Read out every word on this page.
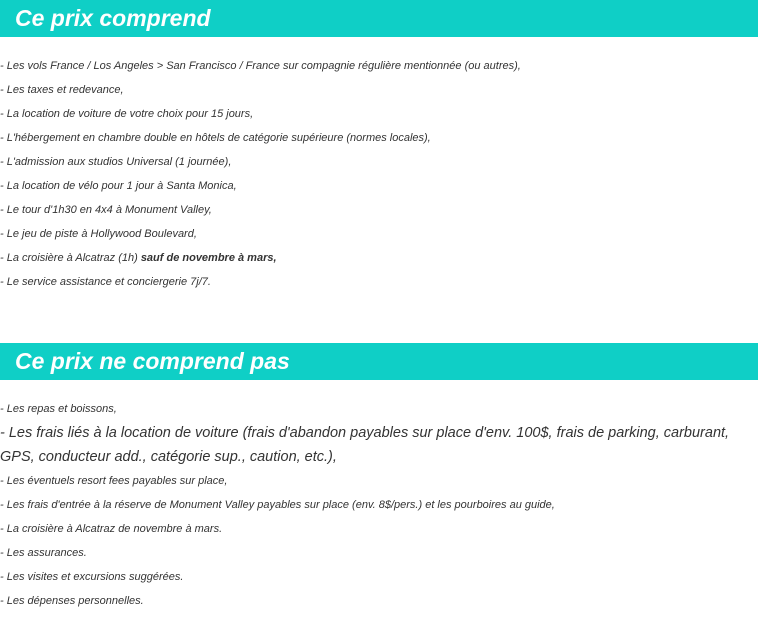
Ce prix comprend
- Les vols France / Los Angeles > San Francisco / France sur compagnie régulière mentionnée (ou autres),
- Les taxes et redevance,
- La location de voiture de votre choix pour 15 jours,
- L'hébergement en chambre double en hôtels de catégorie supérieure (normes locales),
- L'admission aux studios Universal (1 journée),
- La location de vélo pour 1 jour à Santa Monica,
- Le tour d'1h30 en 4x4 à Monument Valley,
- Le jeu de piste à Hollywood Boulevard,
- La croisière à Alcatraz (1h) sauf de novembre à mars,
- Le service assistance et conciergerie 7j/7.
Ce prix ne comprend pas
- Les repas et boissons,
- Les frais liés à la location de voiture (frais d'abandon payables sur place d'env. 100$, frais de parking, carburant, GPS, conducteur add., catégorie sup., caution, etc.),
- Les éventuels resort fees payables sur place,
- Les frais d'entrée à la réserve de Monument Valley payables sur place (env. 8$/pers.) et les pourboires au guide,
- La croisière à Alcatraz de novembre à mars.
- Les assurances.
- Les visites et excursions suggérées.
- Les dépenses personnelles.
